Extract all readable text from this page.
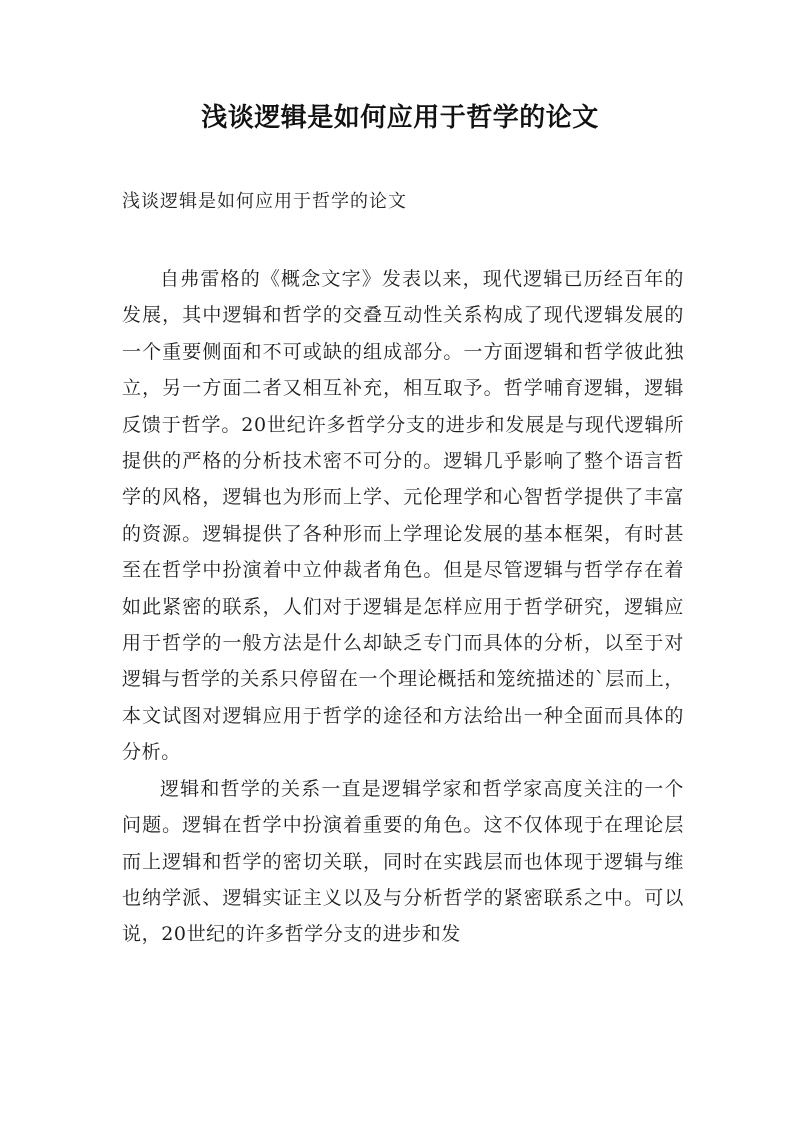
浅谈逻辑是如何应用于哲学的论文

浅谈逻辑是如何应用于哲学的论文

自弗雷格的《概念文字》发表以来，现代逻辑已历经百年的发展，其中逻辑和哲学的交叠互动性关系构成了现代逻辑发展的一个重要侧面和不可或缺的组成部分。一方面逻辑和哲学彼此独立，另一方面二者又相互补充，相互取予。哲学哺育逻辑，逻辑反馈于哲学。20世纪许多哲学分支的进步和发展是与现代逻辑所提供的严格的分析技术密不可分的。逻辑几乎影响了整个语言哲学的风格，逻辑也为形而上学、元伦理学和心智哲学提供了丰富的资源。逻辑提供了各种形而上学理论发展的基本框架，有时甚至在哲学中扮演着中立仲裁者角色。但是尽管逻辑与哲学存在着如此紧密的联系，人们对于逻辑是怎样应用于哲学研究，逻辑应用于哲学的一般方法是什么却缺乏专门而具体的分析，以至于对逻辑与哲学的关系只停留在一个理论概括和笼统描述的`层而上，本文试图对逻辑应用于哲学的途径和方法给出一种全面而具体的分析。

逻辑和哲学的关系一直是逻辑学家和哲学家高度关注的一个问题。逻辑在哲学中扮演着重要的角色。这不仅体现于在理论层而上逻辑和哲学的密切关联，同时在实践层而也体现于逻辑与维也纳学派、逻辑实证主义以及与分析哲学的紧密联系之中。可以说，20世纪的许多哲学分支的进步和发
